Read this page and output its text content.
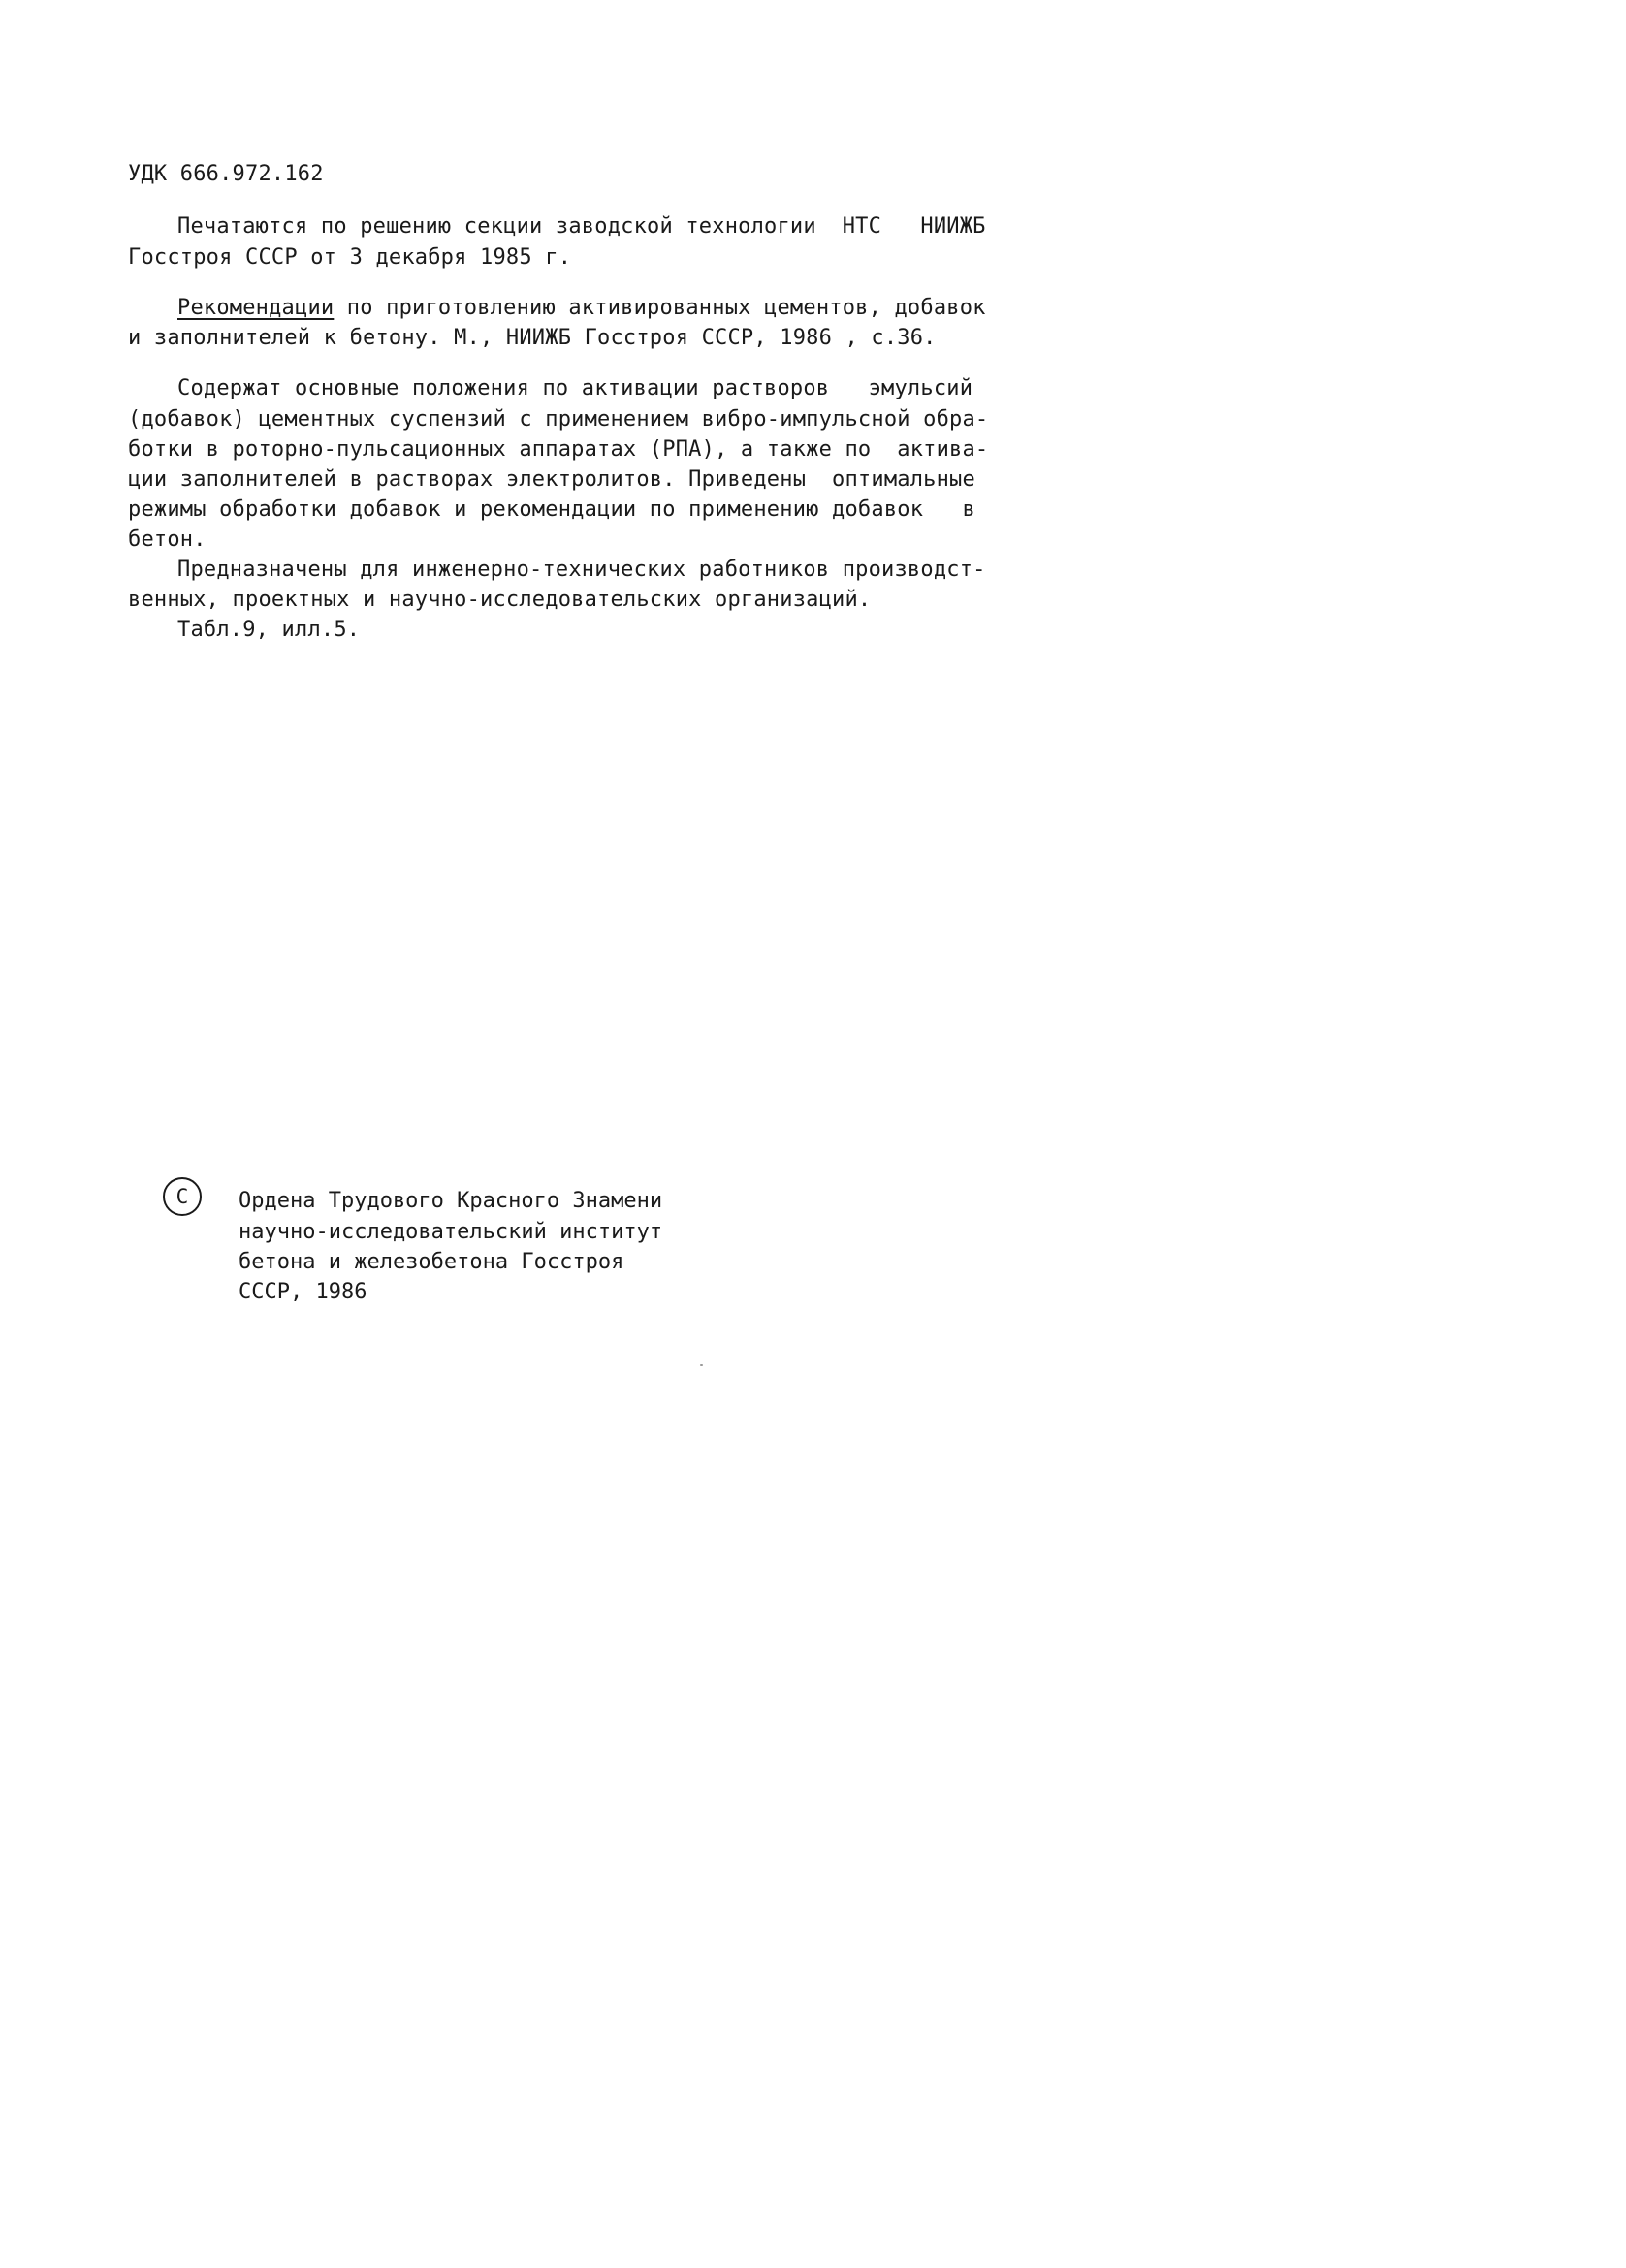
УДК 666.972.162
Печатаются по решению секции заводской технологии  НТС   НИИЖБ
Госстроя СССР от 3 декабря 1985 г.
Рекомендации по приготовлению активированных цементов, добавок
и заполнителей к бетону. М., НИИЖБ Госстроя СССР, 1986 , с.36.
Содержат основные положения по активации растворов   эмульсий
(добавок) цементных суспензий с применением вибро-импульсной обра-
ботки в роторно-пульсационных аппаратах (РПА), а также по  актива-
ции заполнителей в растворах электролитов. Приведены  оптимальные
режимы обработки добавок и рекомендации по применению добавок   в
бетон.
Предназначены для инженерно-технических работников производст-
венных, проектных и научно-исследовательских организаций.
Табл.9, илл.5.
С Ордена Трудового Красного Знамени
научно-исследовательский институт
бетона и железобетона Госстроя
СССР, 1986
